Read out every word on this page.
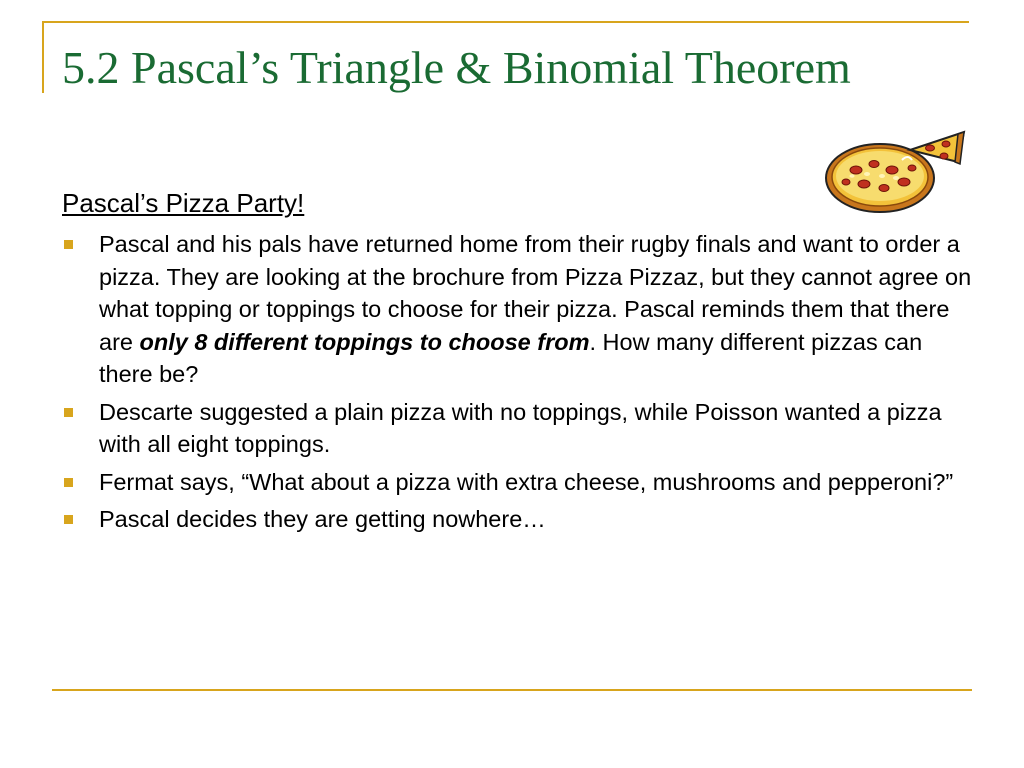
5.2 Pascal’s Triangle & Binomial Theorem
Pascal’s Pizza Party!
Pascal and his pals have returned home from their rugby finals and want to order a pizza. They are looking at the brochure from Pizza Pizzaz, but they cannot agree on what topping or toppings to choose for their pizza. Pascal reminds them that there are only 8 different toppings to choose from. How many different pizzas can there be?
Descarte suggested a plain pizza with no toppings, while Poisson wanted a pizza with all eight toppings.
Fermat says, “What about a pizza with extra cheese, mushrooms and pepperoni?”
Pascal decides they are getting nowhere…
